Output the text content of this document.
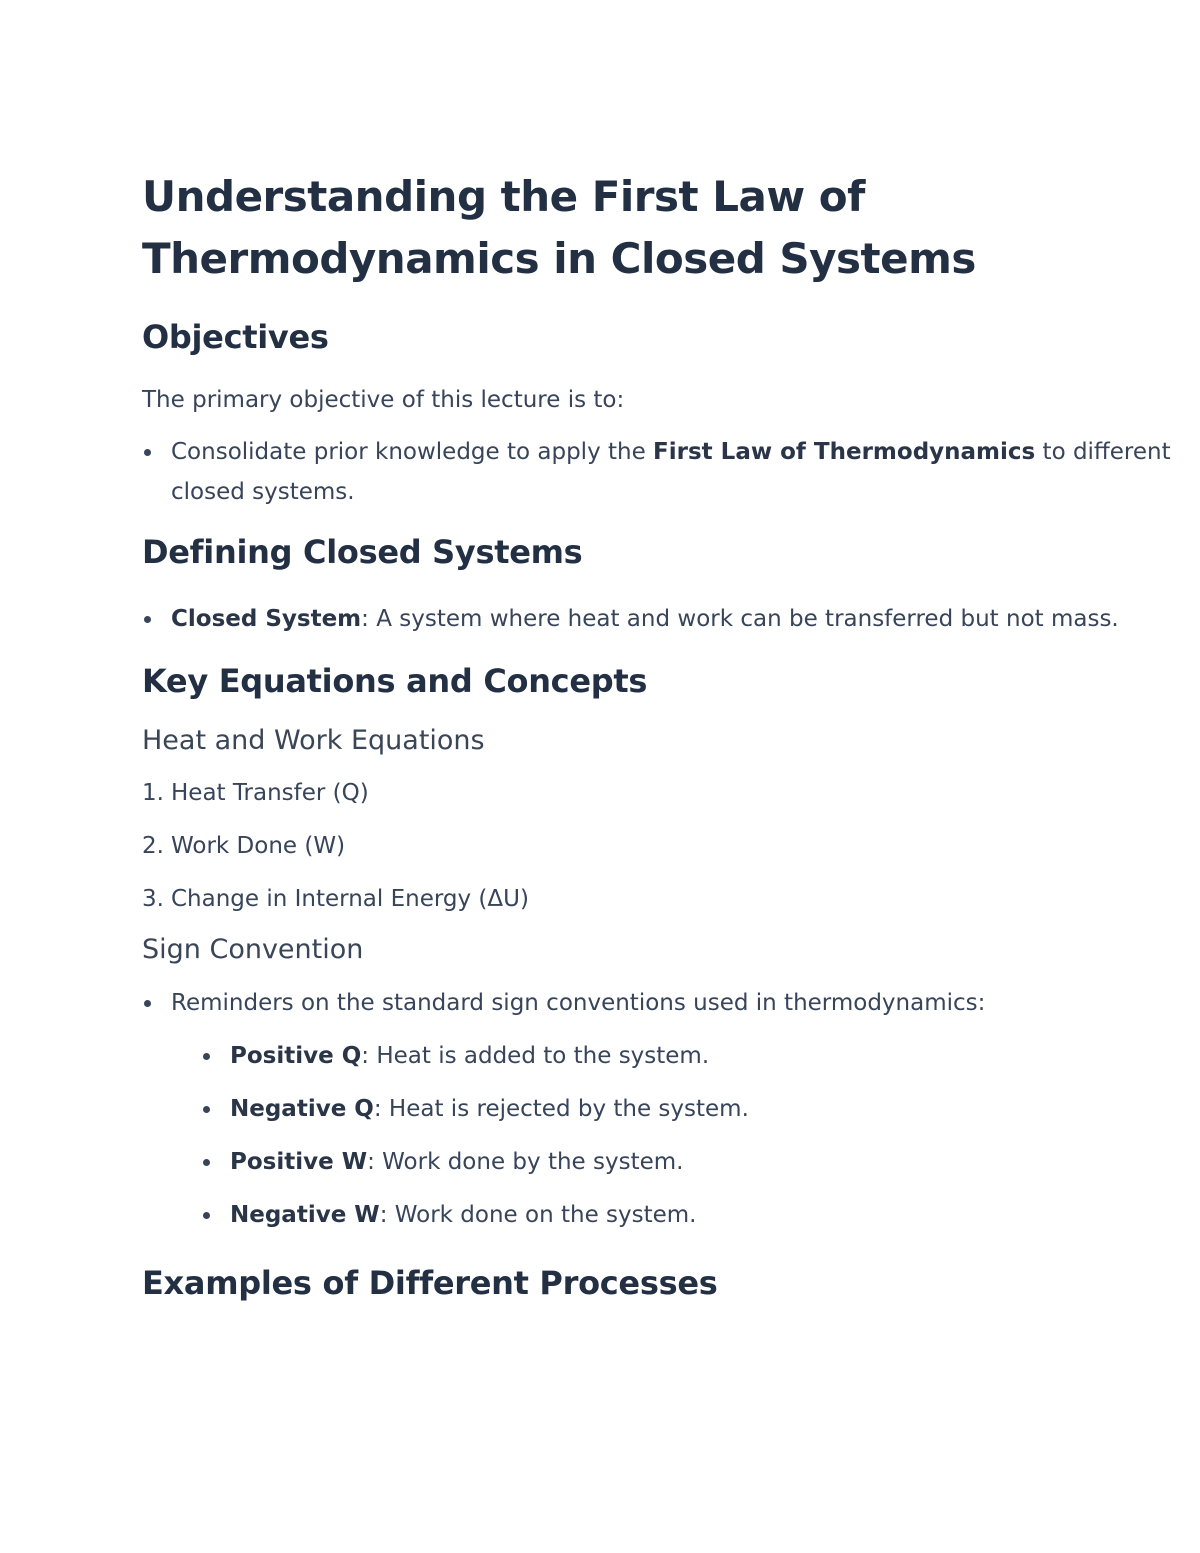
Understanding the First Law of Thermodynamics in Closed Systems
Objectives

The primary objective of this lecture is to:

Consolidate prior knowledge to apply the First Law of Thermodynamics to different closed systems.
Defining Closed Systems
Closed System: A system where heat and work can be transferred but not mass.
Key Equations and Concepts
Heat and Work Equations
1. Heat Transfer (Q)
2. Work Done (W)
3. Change in Internal Energy (ΔU)
Sign Convention
Reminders on the standard sign conventions used in thermodynamics:
Positive Q: Heat is added to the system.
Negative Q: Heat is rejected by the system.
Positive W: Work done by the system.
Negative W: Work done on the system.
Examples of Different Processes
